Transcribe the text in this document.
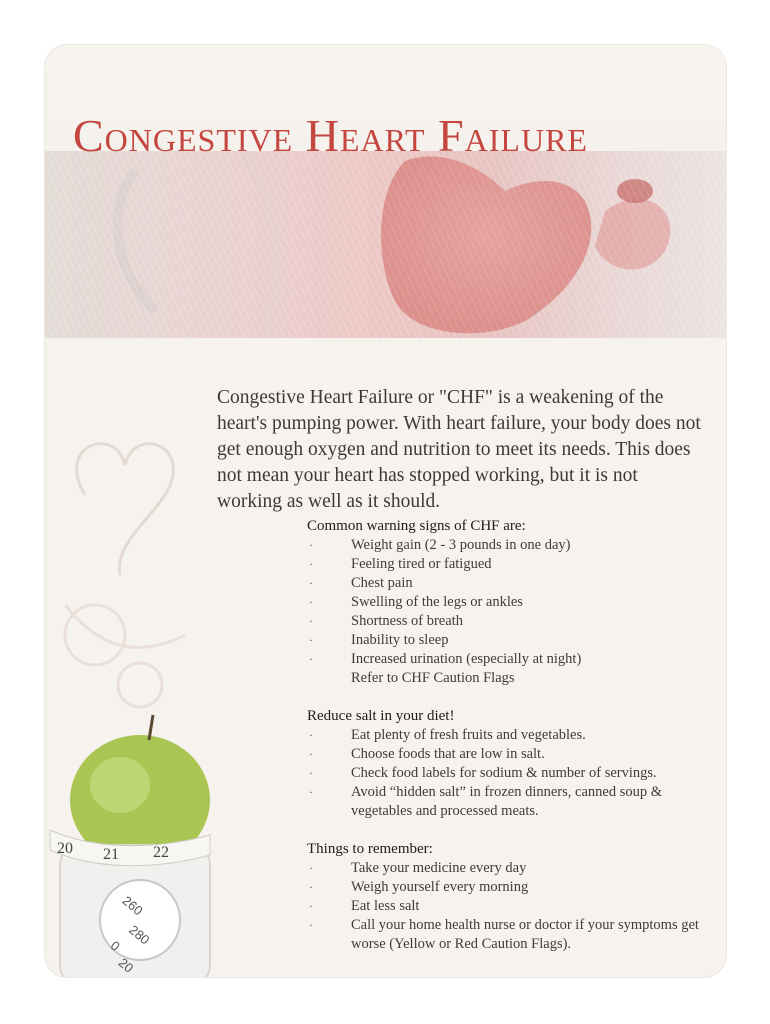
Congestive Heart Failure
260
280
0
20
20 21 22

Congestive Heart Failure or "CHF" is a weakening of the heart's pumping power. With heart failure, your body does not get enough oxygen and nutrition to meet its needs. This does not mean your heart has stopped working, but it is not working as well as it should.

Common warning signs of CHF are:
·	Weight gain (2 - 3 pounds in one day)
·	Feeling tired or fatigued
·	Chest pain
·	Swelling of the legs or ankles
·	Shortness of breath
·	Inability to sleep
·	Increased urination (especially at night)
Refer to CHF Caution Flags
Reduce salt in your diet!
·	Eat plenty of fresh fruits and vegetables.
·	Choose foods that are low in salt.
·	Check food labels for sodium & number of servings.
·	Avoid “hidden salt” in frozen dinners, canned soup & vegetables and processed meats.
Things to remember:
·	Take your medicine every day
·	Weigh yourself every morning
·	Eat less salt
·	Call your home health nurse or doctor if your symptoms get worse (Yellow or Red Caution Flags).
